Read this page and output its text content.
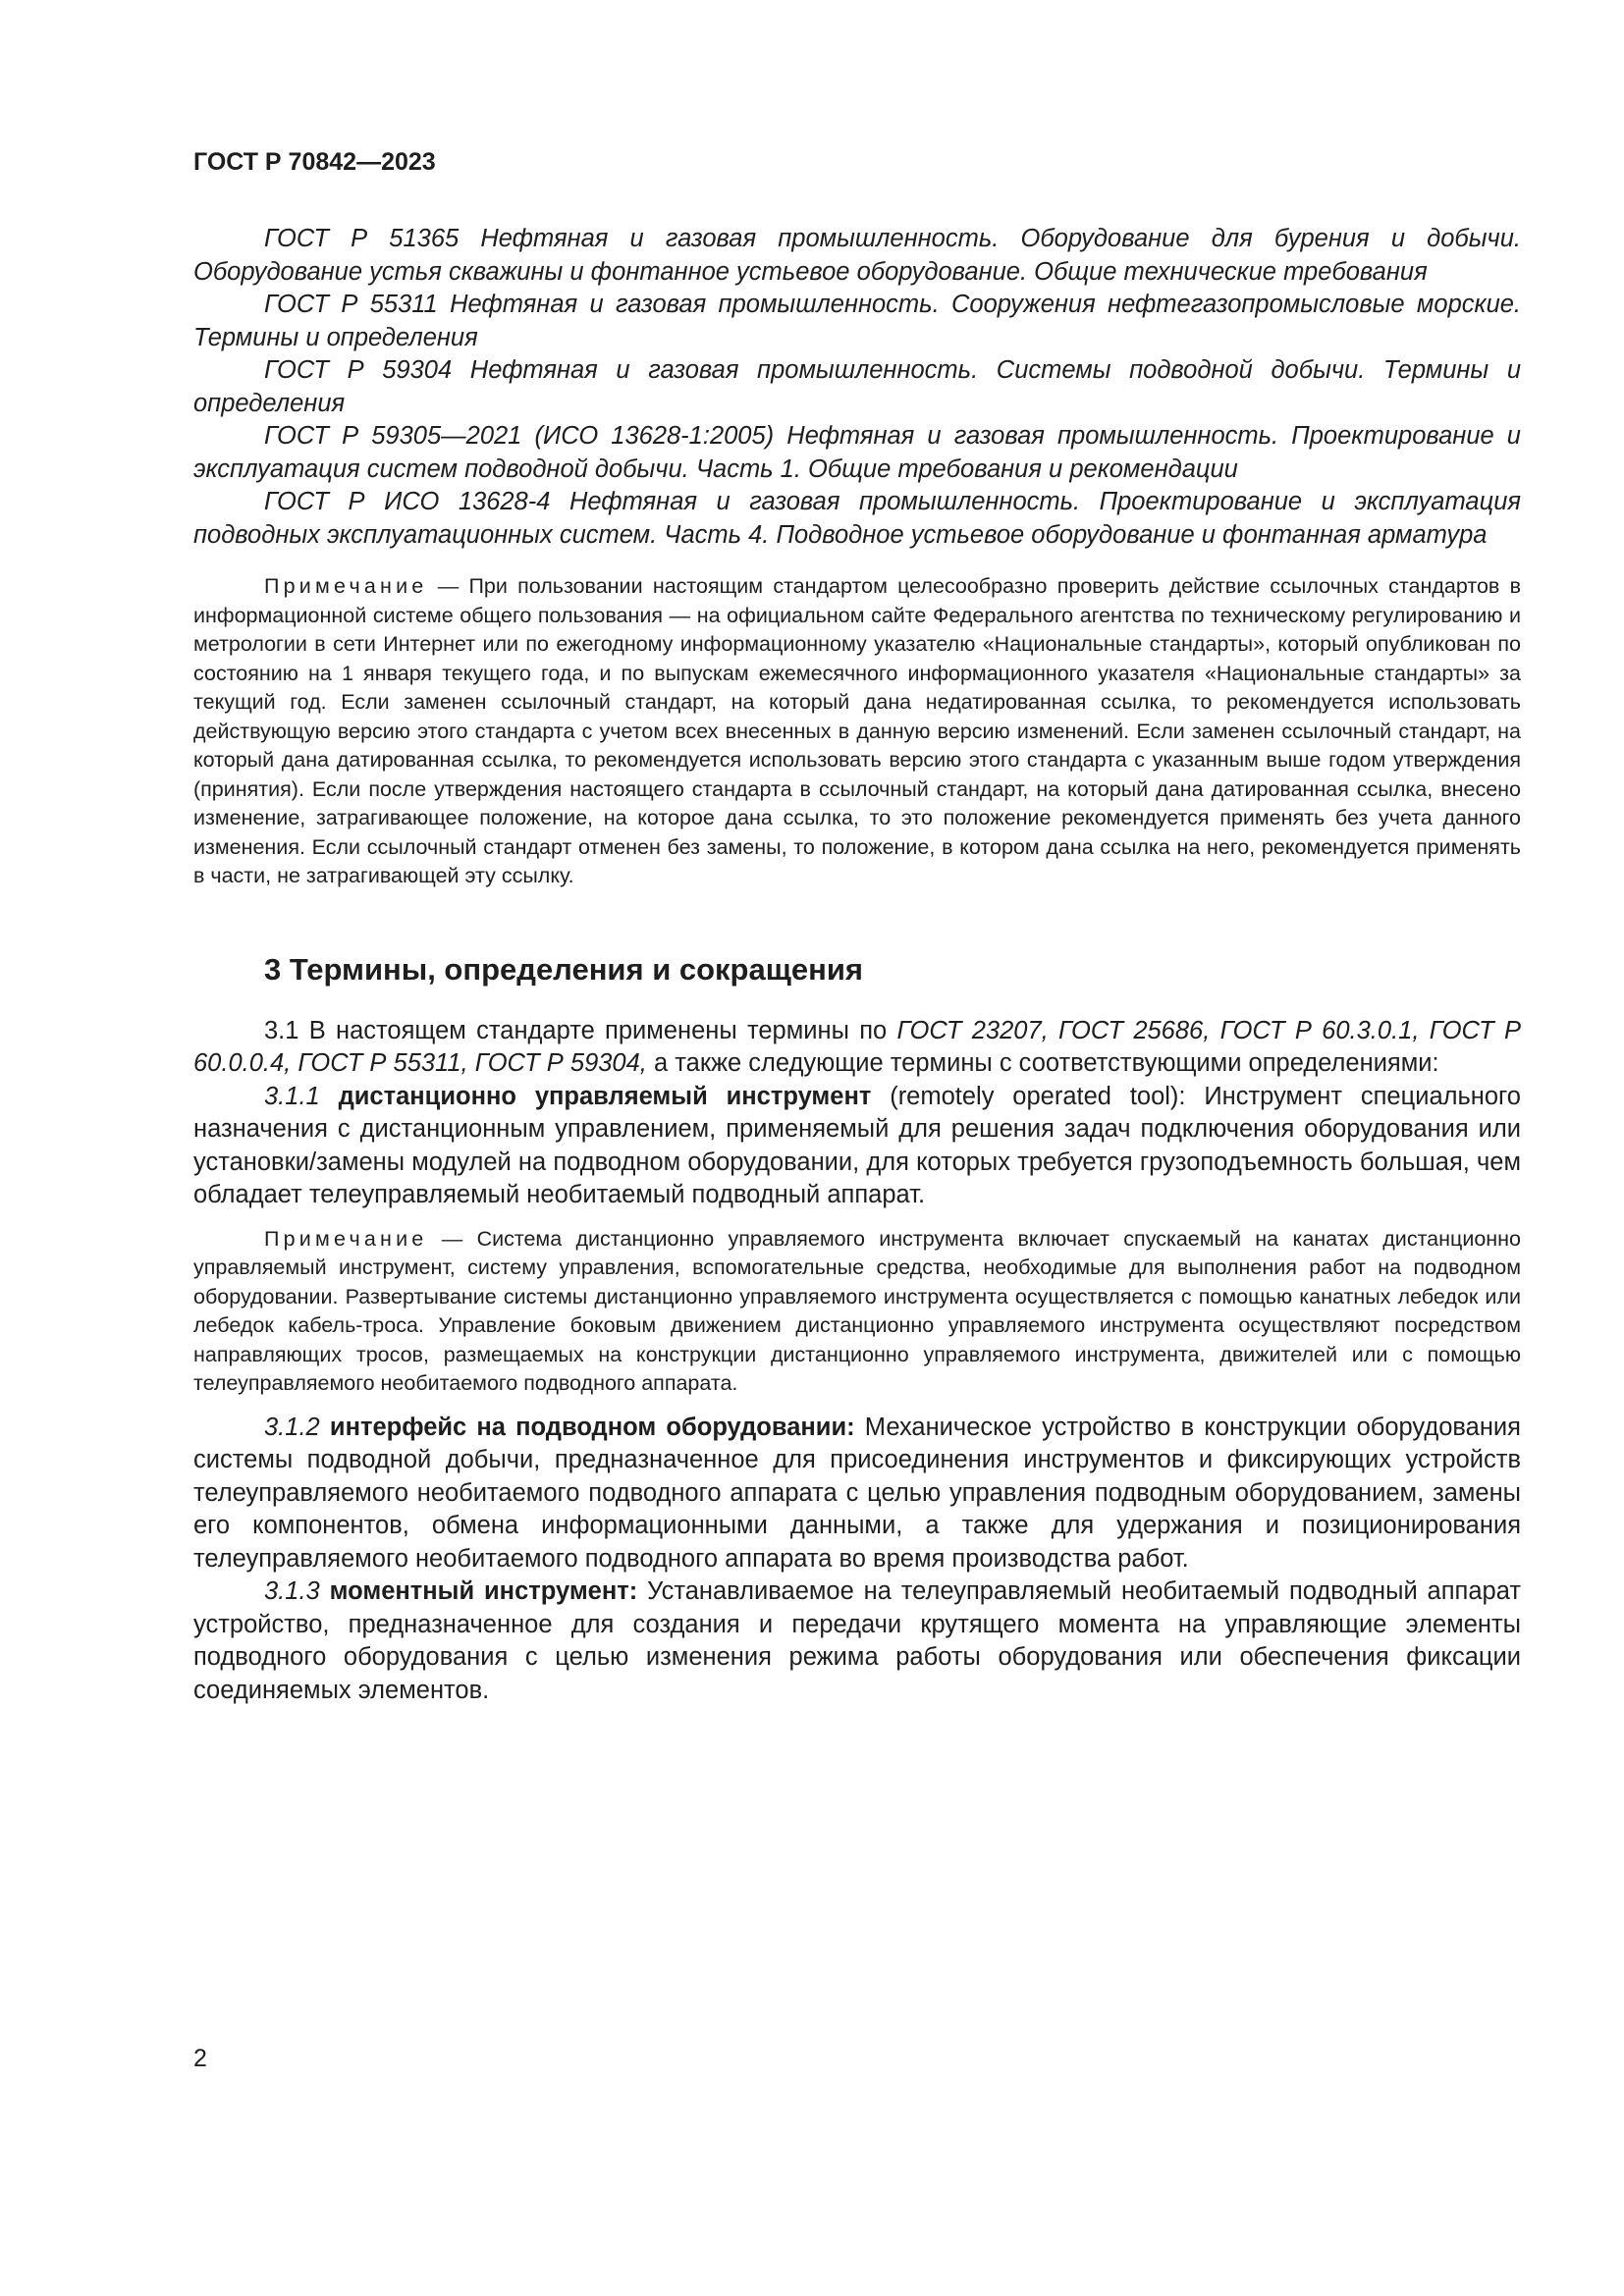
ГОСТ Р 70842—2023

ГОСТ Р 51365 Нефтяная и газовая промышленность. Оборудование для бурения и добычи. Оборудование устья скважины и фонтанное устьевое оборудование. Общие технические требования

ГОСТ Р 55311 Нефтяная и газовая промышленность. Сооружения нефтегазопромысловые морские. Термины и определения

ГОСТ Р 59304 Нефтяная и газовая промышленность. Системы подводной добычи. Термины и определения

ГОСТ Р 59305—2021 (ИСО 13628-1:2005) Нефтяная и газовая промышленность. Проектирование и эксплуатация систем подводной добычи. Часть 1. Общие требования и рекомендации

ГОСТ Р ИСО 13628-4 Нефтяная и газовая промышленность. Проектирование и эксплуатация подводных эксплуатационных систем. Часть 4. Подводное устьевое оборудование и фонтанная арматура

Примечание — При пользовании настоящим стандартом целесообразно проверить действие ссылочных стандартов в информационной системе общего пользования — на официальном сайте Федерального агентства по техническому регулированию и метрологии в сети Интернет или по ежегодному информационному указателю «Национальные стандарты», который опубликован по состоянию на 1 января текущего года, и по выпускам ежемесячного информационного указателя «Национальные стандарты» за текущий год. Если заменен ссылочный стандарт, на который дана недатированная ссылка, то рекомендуется использовать действующую версию этого стандарта с учетом всех внесенных в данную версию изменений. Если заменен ссылочный стандарт, на который дана датированная ссылка, то рекомендуется использовать версию этого стандарта с указанным выше годом утверждения (принятия). Если после утверждения настоящего стандарта в ссылочный стандарт, на который дана датированная ссылка, внесено изменение, затрагивающее положение, на которое дана ссылка, то это положение рекомендуется применять без учета данного изменения. Если ссылочный стандарт отменен без замены, то положение, в котором дана ссылка на него, рекомендуется применять в части, не затрагивающей эту ссылку.

3 Термины, определения и сокращения

3.1 В настоящем стандарте применены термины по ГОСТ 23207, ГОСТ 25686, ГОСТ Р 60.3.0.1, ГОСТ Р 60.0.0.4, ГОСТ Р 55311, ГОСТ Р 59304, а также следующие термины с соответствующими определениями:

3.1.1 дистанционно управляемый инструмент (remotely operated tool): Инструмент специального назначения с дистанционным управлением, применяемый для решения задач подключения оборудования или установки/замены модулей на подводном оборудовании, для которых требуется грузоподъемность большая, чем обладает телеуправляемый необитаемый подводный аппарат.

Примечание — Система дистанционно управляемого инструмента включает спускаемый на канатах дистанционно управляемый инструмент, систему управления, вспомогательные средства, необходимые для выполнения работ на подводном оборудовании. Развертывание системы дистанционно управляемого инструмента осуществляется с помощью канатных лебедок или лебедок кабель-троса. Управление боковым движением дистанционно управляемого инструмента осуществляют посредством направляющих тросов, размещаемых на конструкции дистанционно управляемого инструмента, движителей или с помощью телеуправляемого необитаемого подводного аппарата.

3.1.2 интерфейс на подводном оборудовании: Механическое устройство в конструкции оборудования системы подводной добычи, предназначенное для присоединения инструментов и фиксирующих устройств телеуправляемого необитаемого подводного аппарата с целью управления подводным оборудованием, замены его компонентов, обмена информационными данными, а также для удержания и позиционирования телеуправляемого необитаемого подводного аппарата во время производства работ.

3.1.3 моментный инструмент: Устанавливаемое на телеуправляемый необитаемый подводный аппарат устройство, предназначенное для создания и передачи крутящего момента на управляющие элементы подводного оборудования с целью изменения режима работы оборудования или обеспечения фиксации соединяемых элементов.

2
